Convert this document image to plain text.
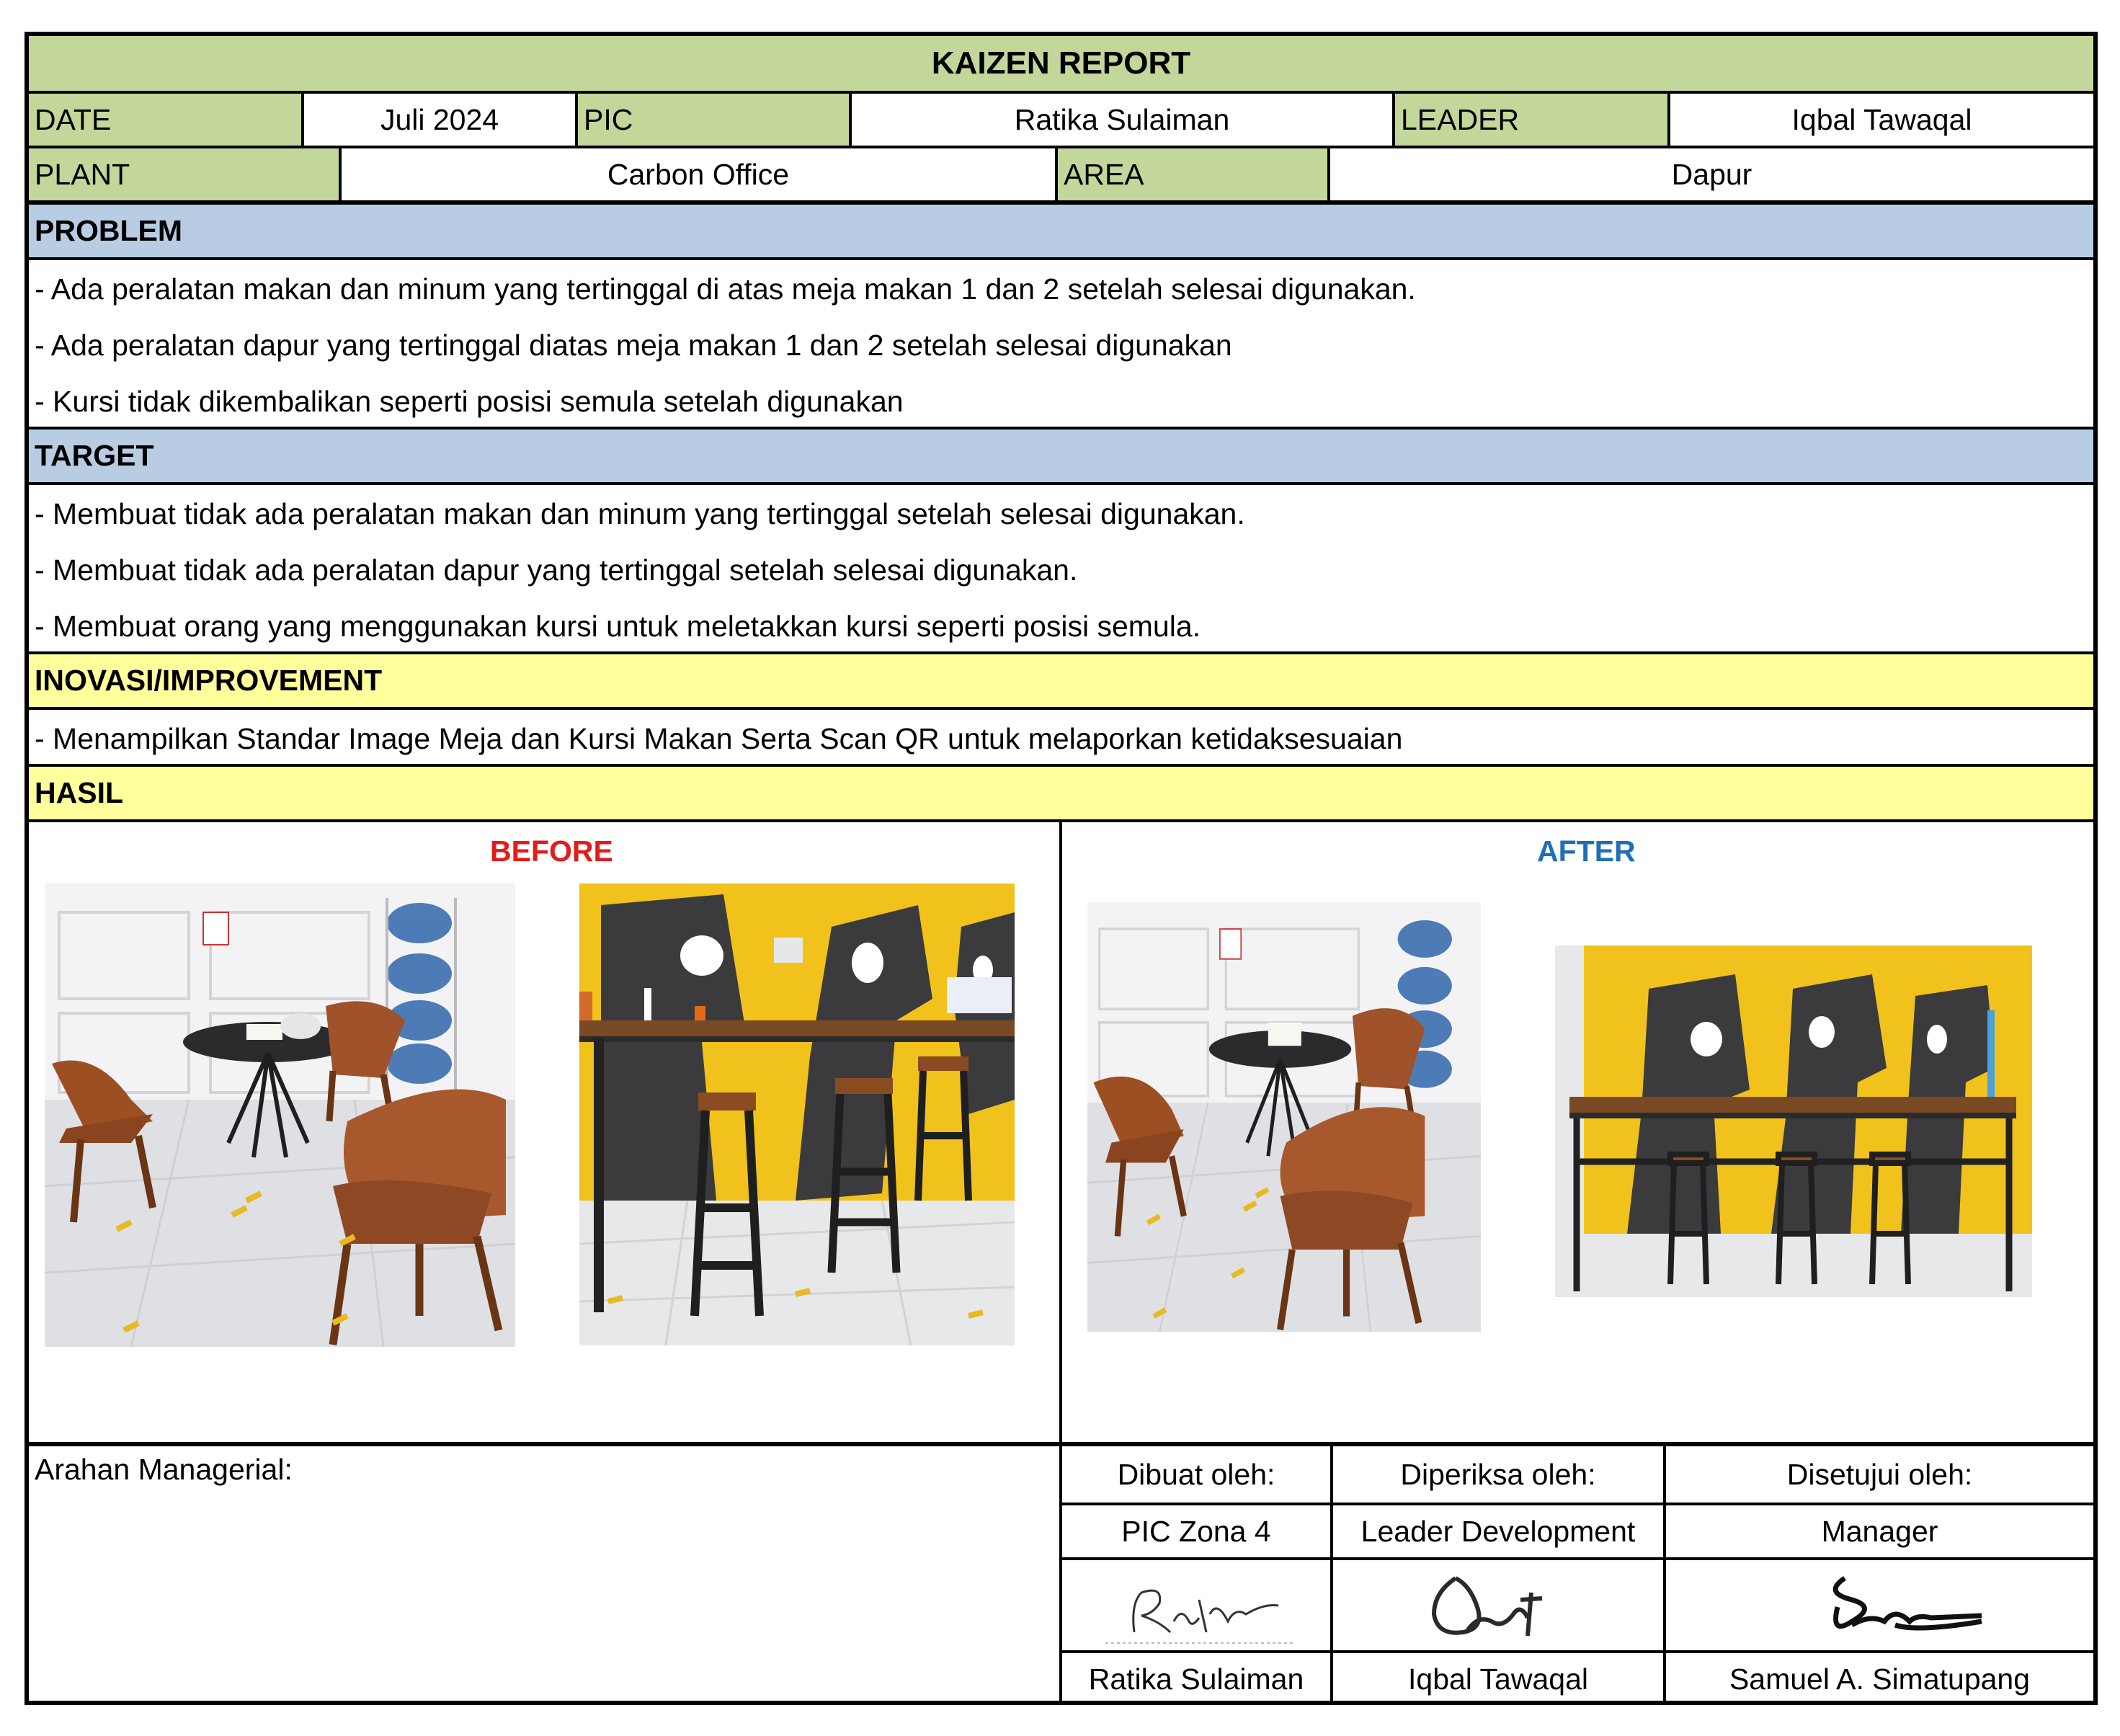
KAIZEN REPORT
DATE	Juli 2024	PIC	Ratika Sulaiman	LEADER	Iqbal Tawaqal
PLANT	Carbon Office	AREA	Dapur
PROBLEM
- Ada peralatan makan dan minum yang tertinggal di atas meja makan 1 dan 2 setelah selesai digunakan.
- Ada peralatan dapur yang tertinggal diatas meja makan 1 dan 2 setelah selesai digunakan
- Kursi tidak dikembalikan seperti posisi semula setelah digunakan
TARGET
- Membuat tidak ada peralatan makan dan minum yang tertinggal setelah selesai digunakan.
- Membuat tidak ada peralatan dapur yang tertinggal setelah selesai digunakan.
- Membuat orang yang menggunakan kursi untuk meletakkan kursi seperti posisi semula.
INOVASI/IMPROVEMENT
- Menampilkan Standar Image Meja dan Kursi Makan Serta Scan QR untuk melaporkan ketidaksesuaian
HASIL
BEFORE	AFTER
Arahan Managerial:	Dibuat oleh:	Diperiksa oleh:	Disetujui oleh:
PIC Zona 4	Leader Development	Manager
Ratika Sulaiman	Iqbal Tawaqal	Samuel A. Simatupang
